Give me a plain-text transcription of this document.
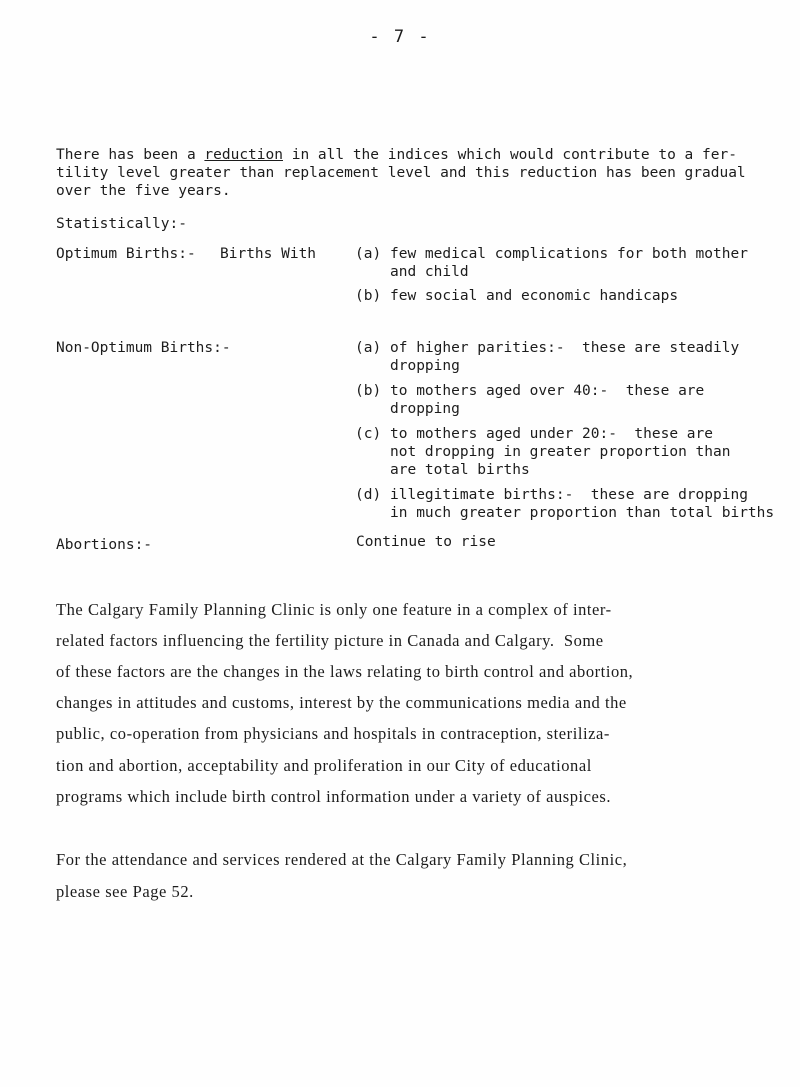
- 7 -
There has been a reduction in all the indices which would contribute to a fer-
tility level greater than replacement level and this reduction has been gradual
over the five years.
Statistically:-
Optimum Births:- Births With	(a) few medical complications for both mother
and child
(b) few social and economic handicaps
Non-Optimum Births:-	(a) of higher parities:-  these are steadily
dropping
(b) to mothers aged over 40:-  these are
dropping
(c) to mothers aged under 20:-  these are
not dropping in greater proportion than
are total births
(d) illegitimate births:-  these are dropping
in much greater proportion than total births
Abortions:-	Continue to rise
The Calgary Family Planning Clinic is only one feature in a complex of inter-
related factors influencing the fertility picture in Canada and Calgary.  Some
of these factors are the changes in the laws relating to birth control and abortion,
changes in attitudes and customs, interest by the communications media and the
public, co-operation from physicians and hospitals in contraception, steriliza-
tion and abortion, acceptability and proliferation in our City of educational
programs which include birth control information under a variety of auspices.
For the attendance and services rendered at the Calgary Family Planning Clinic,
please see Page 52.
